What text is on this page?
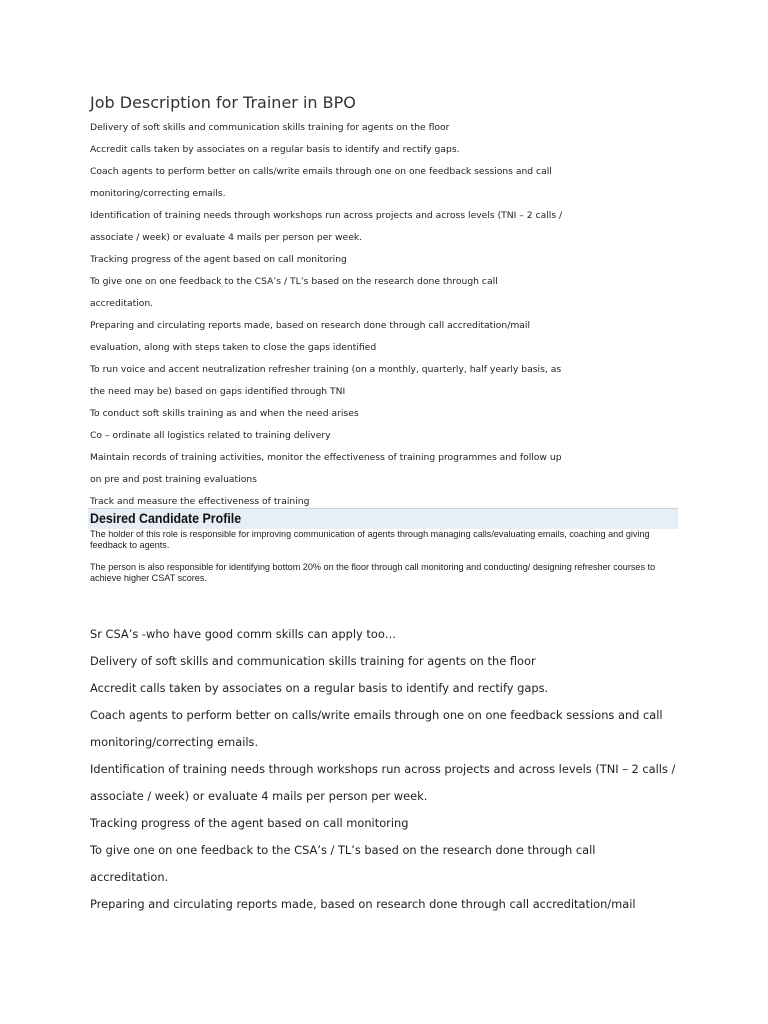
Job Description for Trainer in BPO
Delivery of soft skills and communication skills training for agents on the floor
Accredit calls taken by associates on a regular basis to identify and rectify gaps.
Coach agents to perform better on calls/write emails through one on one feedback sessions and call
monitoring/correcting emails.
Identification of training needs through workshops run across projects and across levels (TNI – 2 calls /
associate / week) or evaluate 4 mails per person per week.
Tracking progress of the agent based on call monitoring
To give one on one feedback to the CSA’s / TL’s based on the research done through call
accreditation.
Preparing and circulating reports made, based on research done through call accreditation/mail
evaluation, along with steps taken to close the gaps identified
To run voice and accent neutralization refresher training (on a monthly, quarterly, half yearly basis, as
the need may be) based on gaps identified through TNI
To conduct soft skills training as and when the need arises
Co – ordinate all logistics related to training delivery
Maintain records of training activities, monitor the effectiveness of training programmes and follow up
on pre and post training evaluations
Track and measure the effectiveness of training
Desired Candidate Profile
The holder of this role is responsible for improving communication of agents through managing calls/evaluating emails, coaching and giving feedback to agents.
The person is also responsible for identifying bottom 20% on the floor through call monitoring and conducting/ designing refresher courses to achieve higher CSAT scores.
Sr CSA’s -who have good comm skills can apply too…
Delivery of soft skills and communication skills training for agents on the floor
Accredit calls taken by associates on a regular basis to identify and rectify gaps.
Coach agents to perform better on calls/write emails through one on one feedback sessions and call
monitoring/correcting emails.
Identification of training needs through workshops run across projects and across levels (TNI – 2 calls /
associate / week) or evaluate 4 mails per person per week.
Tracking progress of the agent based on call monitoring
To give one on one feedback to the CSA’s / TL’s based on the research done through call
accreditation.
Preparing and circulating reports made, based on research done through call accreditation/mail
